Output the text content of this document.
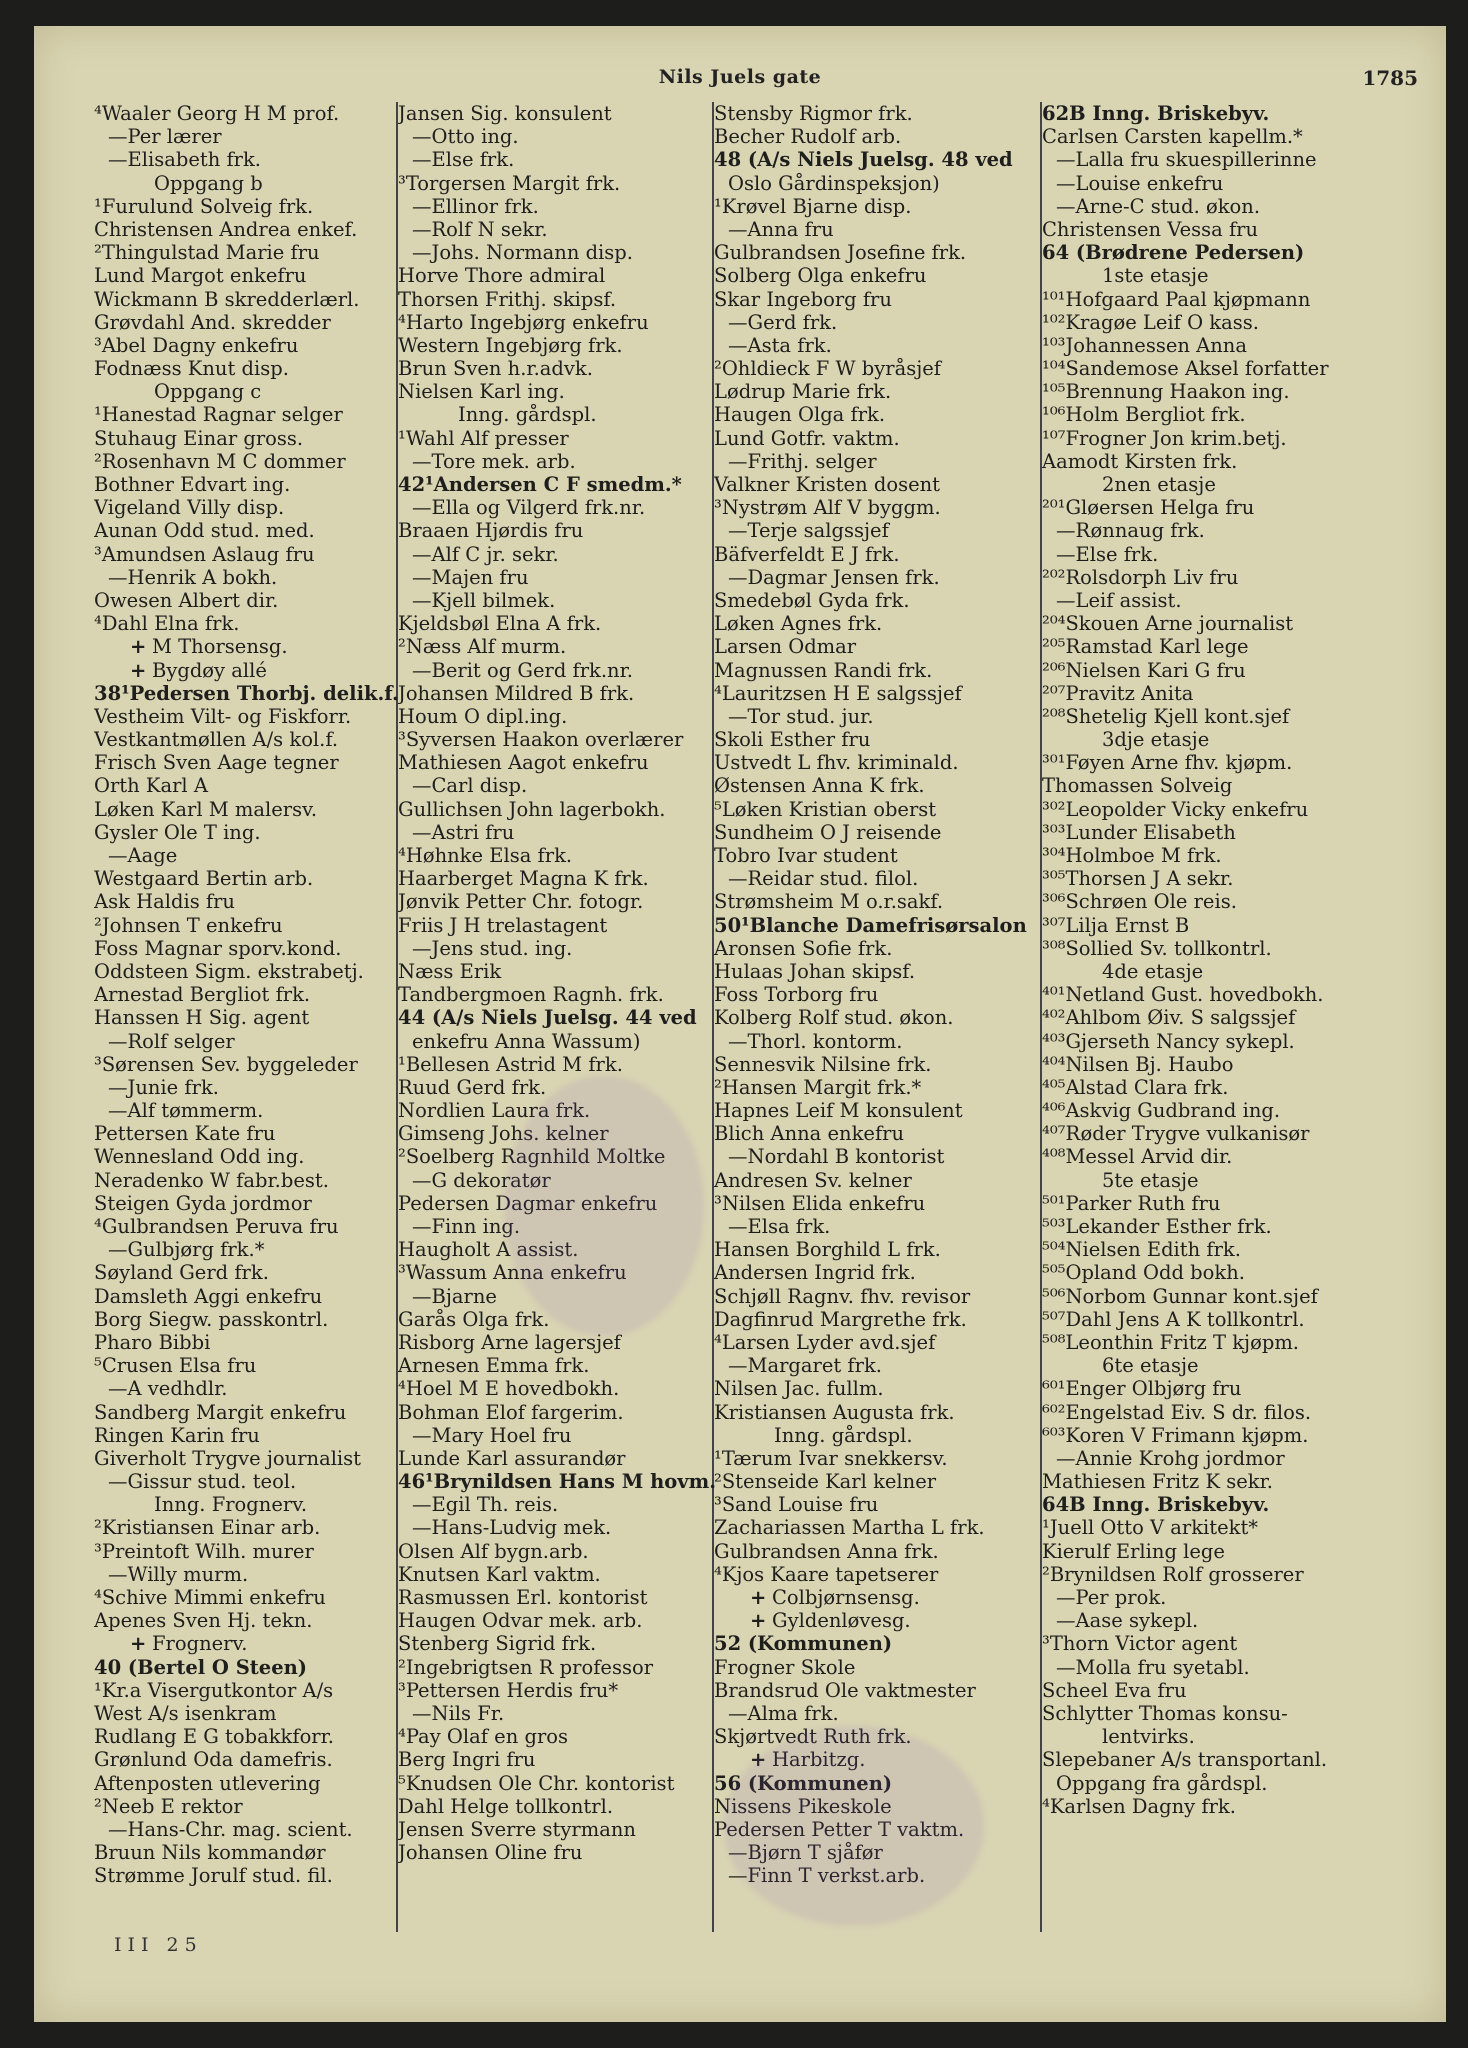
Nils Juels gate	1785
⁴Waaler Georg H M prof.
—Per lærer
—Elisabeth frk.
Oppgang b
¹Furulund Solveig frk.
Christensen Andrea enkef.
²Thingulstad Marie fru
Lund Margot enkefru
Wickmann B skredderlærl.
Grøvdahl And. skredder
³Abel Dagny enkefru
Fodnæss Knut disp.
Oppgang c
¹Hanestad Ragnar selger
Stuhaug Einar gross.
²Rosenhavn M C dommer
Bothner Edvart ing.
Vigeland Villy disp.
Aunan Odd stud. med.
³Amundsen Aslaug fru
—Henrik A bokh.
Owesen Albert dir.
⁴Dahl Elna frk.
+ M Thorsensg.
+ Bygdøy allé
38¹Pedersen Thorbj. delik.f.
Vestheim Vilt- og Fiskforr.
Vestkantmøllen A/s kol.f.
Frisch Sven Aage tegner
Orth Karl A
Løken Karl M malersv.
Gysler Ole T ing.
—Aage
Westgaard Bertin arb.
Ask Haldis fru
²Johnsen T enkefru
Foss Magnar sporv.kond.
Oddsteen Sigm. ekstrabetj.
Arnestad Bergliot frk.
Hanssen H Sig. agent
—Rolf selger
³Sørensen Sev. byggeleder
—Junie frk.
—Alf tømmerm.
Pettersen Kate fru
Wennesland Odd ing.
Neradenko W fabr.best.
Steigen Gyda jordmor
⁴Gulbrandsen Peruva fru
—Gulbjørg frk.*
Søyland Gerd frk.
Damsleth Aggi enkefru
Borg Siegw. passkontrl.
Pharo Bibbi
⁵Crusen Elsa fru
—A vedhdlr.
Sandberg Margit enkefru
Ringen Karin fru
Giverholt Trygve journalist
—Gissur stud. teol.
Inng. Frognerv.
²Kristiansen Einar arb.
³Preintoft Wilh. murer
—Willy murm.
⁴Schive Mimmi enkefru
Apenes Sven Hj. tekn.
+ Frognerv.
40 (Bertel O Steen)
¹Kr.a Visergutkontor A/s
West A/s isenkram
Rudlang E G tobakkforr.
Grønlund Oda damefris.
Aftenposten utlevering
²Neeb E rektor
—Hans-Chr. mag. scient.
Bruun Nils kommandør
Strømme Jorulf stud. fil.
Jansen Sig. konsulent
—Otto ing.
—Else frk.
³Torgersen Margit frk.
—Ellinor frk.
—Rolf N sekr.
—Johs. Normann disp.
Horve Thore admiral
Thorsen Frithj. skipsf.
⁴Harto Ingebjørg enkefru
Western Ingebjørg frk.
Brun Sven h.r.advk.
Nielsen Karl ing.
Inng. gårdspl.
¹Wahl Alf presser
—Tore mek. arb.
42¹Andersen C F smedm.*
—Ella og Vilgerd frk.nr.
Braaen Hjørdis fru
—Alf C jr. sekr.
—Majen fru
—Kjell bilmek.
Kjeldsbøl Elna A frk.
²Næss Alf murm.
—Berit og Gerd frk.nr.
Johansen Mildred B frk.
Houm O dipl.ing.
³Syversen Haakon overlærer
Mathiesen Aagot enkefru
—Carl disp.
Gullichsen John lagerbokh.
—Astri fru
⁴Høhnke Elsa frk.
Haarberget Magna K frk.
Jønvik Petter Chr. fotogr.
Friis J H trelastagent
—Jens stud. ing.
Næss Erik
Tandbergmoen Ragnh. frk.
44 (A/s Niels Juelsg. 44 ved
enkefru Anna Wassum)
¹Bellesen Astrid M frk.
Ruud Gerd frk.
Nordlien Laura frk.
Gimseng Johs. kelner
²Soelberg Ragnhild Moltke
—G dekoratør
Pedersen Dagmar enkefru
—Finn ing.
Haugholt A assist.
³Wassum Anna enkefru
—Bjarne
Garås Olga frk.
Risborg Arne lagersjef
Arnesen Emma frk.
⁴Hoel M E hovedbokh.
Bohman Elof fargerim.
—Mary Hoel fru
Lunde Karl assurandør
46¹Brynildsen Hans M hovm.
—Egil Th. reis.
—Hans-Ludvig mek.
Olsen Alf bygn.arb.
Knutsen Karl vaktm.
Rasmussen Erl. kontorist
Haugen Odvar mek. arb.
Stenberg Sigrid frk.
²Ingebrigtsen R professor
³Pettersen Herdis fru*
—Nils Fr.
⁴Pay Olaf en gros
Berg Ingri fru
⁵Knudsen Ole Chr. kontorist
Dahl Helge tollkontrl.
Jensen Sverre styrmann
Johansen Oline fru
Stensby Rigmor frk.
Becher Rudolf arb.
48 (A/s Niels Juelsg. 48 ved
Oslo Gårdinspeksjon)
¹Krøvel Bjarne disp.
—Anna fru
Gulbrandsen Josefine frk.
Solberg Olga enkefru
Skar Ingeborg fru
—Gerd frk.
—Asta frk.
²Ohldieck F W byråsjef
Lødrup Marie frk.
Haugen Olga frk.
Lund Gotfr. vaktm.
—Frithj. selger
Valkner Kristen dosent
³Nystrøm Alf V byggm.
—Terje salgssjef
Bäfverfeldt E J frk.
—Dagmar Jensen frk.
Smedebøl Gyda frk.
Løken Agnes frk.
Larsen Odmar
Magnussen Randi frk.
⁴Lauritzsen H E salgssjef
—Tor stud. jur.
Skoli Esther fru
Ustvedt L fhv. kriminald.
Østensen Anna K frk.
⁵Løken Kristian oberst
Sundheim O J reisende
Tobro Ivar student
—Reidar stud. filol.
Strømsheim M o.r.sakf.
50¹Blanche Damefrisørsalon
Aronsen Sofie frk.
Hulaas Johan skipsf.
Foss Torborg fru
Kolberg Rolf stud. økon.
—Thorl. kontorm.
Sennesvik Nilsine frk.
²Hansen Margit frk.*
Hapnes Leif M konsulent
Blich Anna enkefru
—Nordahl B kontorist
Andresen Sv. kelner
³Nilsen Elida enkefru
—Elsa frk.
Hansen Borghild L frk.
Andersen Ingrid frk.
Schjøll Ragnv. fhv. revisor
Dagfinrud Margrethe frk.
⁴Larsen Lyder avd.sjef
—Margaret frk.
Nilsen Jac. fullm.
Kristiansen Augusta frk.
Inng. gårdspl.
¹Tærum Ivar snekkersv.
²Stenseide Karl kelner
³Sand Louise fru
Zachariassen Martha L frk.
Gulbrandsen Anna frk.
⁴Kjos Kaare tapetserer
+ Colbjørnsensg.
+ Gyldenløvesg.
52 (Kommunen)
Frogner Skole
Brandsrud Ole vaktmester
—Alma frk.
Skjørtvedt Ruth frk.
+ Harbitzg.
56 (Kommunen)
Nissens Pikeskole
Pedersen Petter T vaktm.
—Bjørn T sjåfør
—Finn T verkst.arb.
62B Inng. Briskebyv.
Carlsen Carsten kapellm.*
—Lalla fru skuespillerinne
—Louise enkefru
—Arne-C stud. økon.
Christensen Vessa fru
64 (Brødrene Pedersen)
1ste etasje
¹⁰¹Hofgaard Paal kjøpmann
¹⁰²Kragøe Leif O kass.
¹⁰³Johannessen Anna
¹⁰⁴Sandemose Aksel forfatter
¹⁰⁵Brennung Haakon ing.
¹⁰⁶Holm Bergliot frk.
¹⁰⁷Frogner Jon krim.betj.
Aamodt Kirsten frk.
2nen etasje
²⁰¹Gløersen Helga fru
—Rønnaug frk.
—Else frk.
²⁰²Rolsdorph Liv fru
—Leif assist.
²⁰⁴Skouen Arne journalist
²⁰⁵Ramstad Karl lege
²⁰⁶Nielsen Kari G fru
²⁰⁷Pravitz Anita
²⁰⁸Shetelig Kjell kont.sjef
3dje etasje
³⁰¹Føyen Arne fhv. kjøpm.
Thomassen Solveig
³⁰²Leopolder Vicky enkefru
³⁰³Lunder Elisabeth
³⁰⁴Holmboe M frk.
³⁰⁵Thorsen J A sekr.
³⁰⁶Schrøen Ole reis.
³⁰⁷Lilja Ernst B
³⁰⁸Sollied Sv. tollkontrl.
4de etasje
⁴⁰¹Netland Gust. hovedbokh.
⁴⁰²Ahlbom Øiv. S salgssjef
⁴⁰³Gjerseth Nancy sykepl.
⁴⁰⁴Nilsen Bj. Haubo
⁴⁰⁵Alstad Clara frk.
⁴⁰⁶Askvig Gudbrand ing.
⁴⁰⁷Røder Trygve vulkanisør
⁴⁰⁸Messel Arvid dir.
5te etasje
⁵⁰¹Parker Ruth fru
⁵⁰³Lekander Esther frk.
⁵⁰⁴Nielsen Edith frk.
⁵⁰⁵Opland Odd bokh.
⁵⁰⁶Norbom Gunnar kont.sjef
⁵⁰⁷Dahl Jens A K tollkontrl.
⁵⁰⁸Leonthin Fritz T kjøpm.
6te etasje
⁶⁰¹Enger Olbjørg fru
⁶⁰²Engelstad Eiv. S dr. filos.
⁶⁰³Koren V Frimann kjøpm.
—Annie Krohg jordmor
Mathiesen Fritz K sekr.
64B Inng. Briskebyv.
¹Juell Otto V arkitekt*
Kierulf Erling lege
²Brynildsen Rolf grosserer
—Per prok.
—Aase sykepl.
³Thorn Victor agent
—Molla fru syetabl.
Scheel Eva fru
Schlytter Thomas konsu-
lentvirks.
Slepebaner A/s transportanl.
Oppgang fra gårdspl.
⁴Karlsen Dagny frk.
III 25
